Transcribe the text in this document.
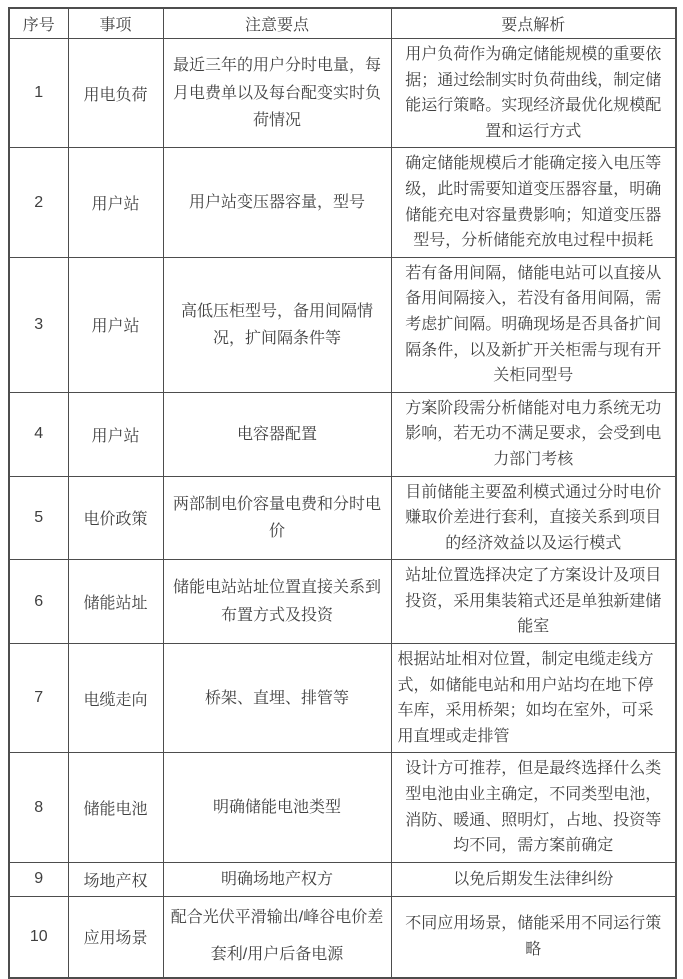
序号	事项	注意要点	要点解析
1	用电负荷	最近三年的用户分时电量，每月电费单以及每台配变实时负荷情况	用户负荷作为确定储能规模的重要依据；通过绘制实时负荷曲线，制定储能运行策略。实现经济最优化规模配置和运行方式
2	用户站	用户站变压器容量，型号	确定储能规模后才能确定接入电压等级，此时需要知道变压器容量，明确储能充电对容量费影响；知道变压器型号，分析储能充放电过程中损耗
3	用户站	高低压柜型号，备用间隔情况，扩间隔条件等	若有备用间隔，储能电站可以直接从备用间隔接入，若没有备用间隔，需考虑扩间隔。明确现场是否具备扩间隔条件，以及新扩开关柜需与现有开关柜同型号
4	用户站	电容器配置	方案阶段需分析储能对电力系统无功影响，若无功不满足要求，会受到电力部门考核
5	电价政策	两部制电价容量电费和分时电价	目前储能主要盈利模式通过分时电价赚取价差进行套利，直接关系到项目的经济效益以及运行模式
6	储能站址	储能电站站址位置直接关系到布置方式及投资	站址位置选择决定了方案设计及项目投资，采用集装箱式还是单独新建储能室
7	电缆走向	桥架、直埋、排管等	根据站址相对位置，制定电缆走线方式，如储能电站和用户站均在地下停车库，采用桥架；如均在室外，可采用直埋或走排管
8	储能电池	明确储能电池类型	设计方可推荐，但是最终选择什么类型电池由业主确定，不同类型电池，消防、暖通、照明灯，占地、投资等均不同，需方案前确定
9	场地产权	明确场地产权方	以免后期发生法律纠纷
10	应用场景	配合光伏平滑输出/峰谷电价差套利/用户后备电源	不同应用场景，储能采用不同运行策略
